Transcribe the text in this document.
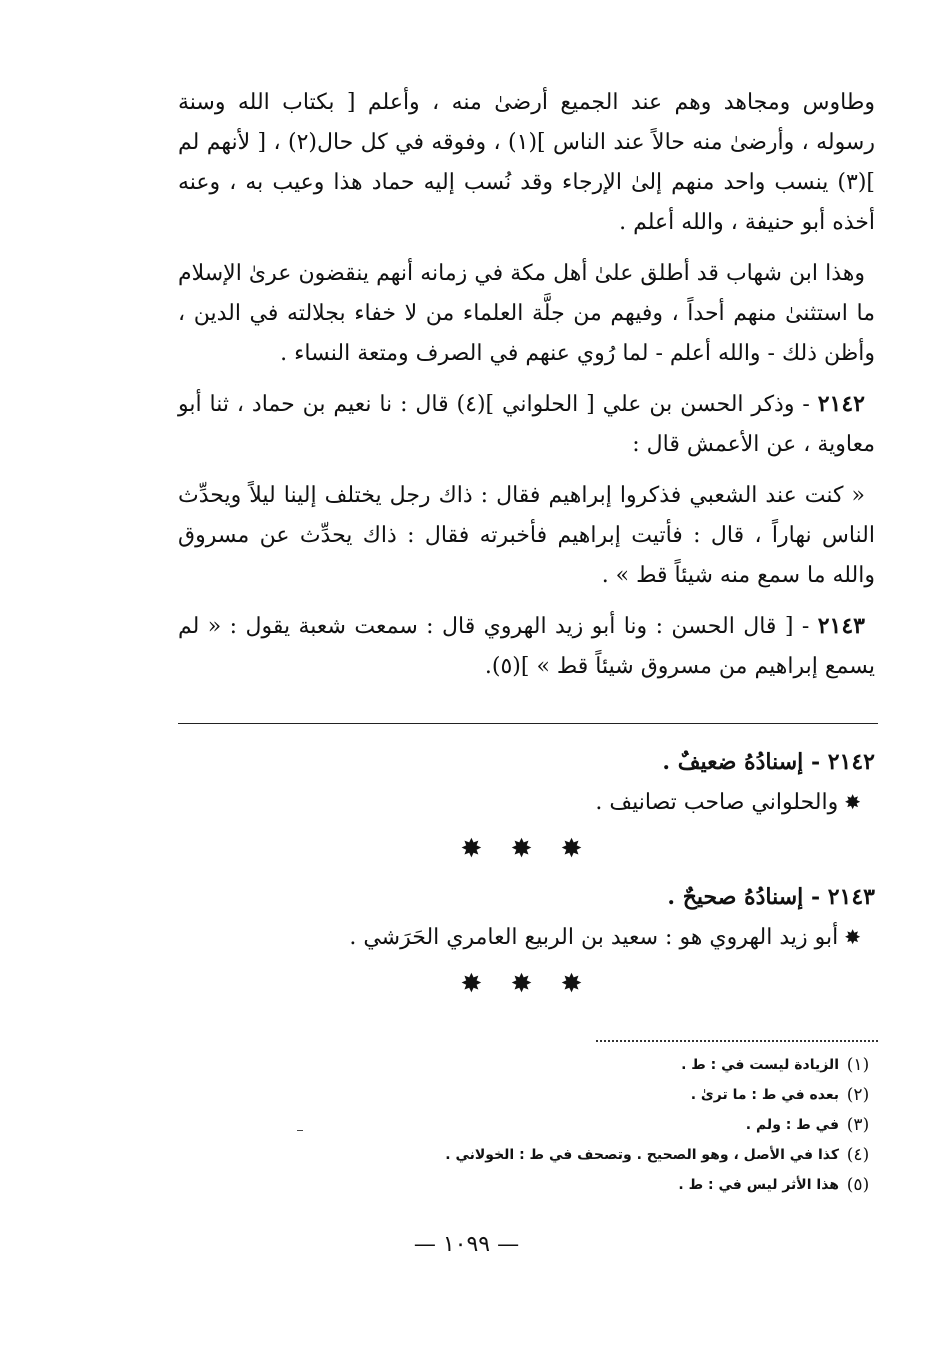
وطاوس ومجاهد وهم عند الجميع أرضىٰ منه ، وأعلم [ بكتاب الله وسنة رسوله ، وأرضىٰ منه حالاً عند الناس ](١) ، وفوقه في كل حال(٢) ، [ لأنهم لم ](٣) ينسب واحد منهم إلىٰ الإرجاء وقد نُسب إليه حماد هذا وعيب به ، وعنه أخذه أبو حنيفة ، والله أعلم .

وهذا ابن شهاب قد أطلق علىٰ أهل مكة في زمانه أنهم ينقضون عرىٰ الإسلام ما استثنىٰ منهم أحداً ، وفيهم من جلَّة العلماء من لا خفاء بجلالته في الدين ، وأظن ذلك - والله أعلم - لما رُوي عنهم في الصرف ومتعة النساء .

٢١٤٢ - وذكر الحسن بن علي [ الحلواني ](٤) قال : نا نعيم بن حماد ، ثنا أبو معاوية ، عن الأعمش قال :

« كنت عند الشعبي فذكروا إبراهيم فقال : ذاك رجل يختلف إلينا ليلاً ويحدِّث الناس نهاراً ، قال : فأتيت إبراهيم فأخبرته فقال : ذاك يحدِّث عن مسروق والله ما سمع منه شيئاً قط » .

٢١٤٣ - [ قال الحسن : ونا أبو زيد الهروي قال : سمعت شعبة يقول : « لم يسمع إبراهيم من مسروق شيئاً قط » ](٥).

٢١٤٢ - إسنادُهُ ضعيفٌ .

✸والحلواني صاحب تصانيف .

✸ ✸ ✸

٢١٤٣ - إسنادُهُ صحيحٌ .

✸أبو زيد الهروي هو : سعيد بن الربيع العامري الحَرَشي .

✸ ✸ ✸
(١)
الزيادة ليست في : ط .
(٢)
بعده في ط : ما ترىٰ .
(٣)
في ط : ولم .
(٤)
كذا في الأصل ، وهو الصحيح . وتصحف في ط : الخولاني .
(٥)
هذا الأثر ليس في : ط .
— ١٠٩٩ —
